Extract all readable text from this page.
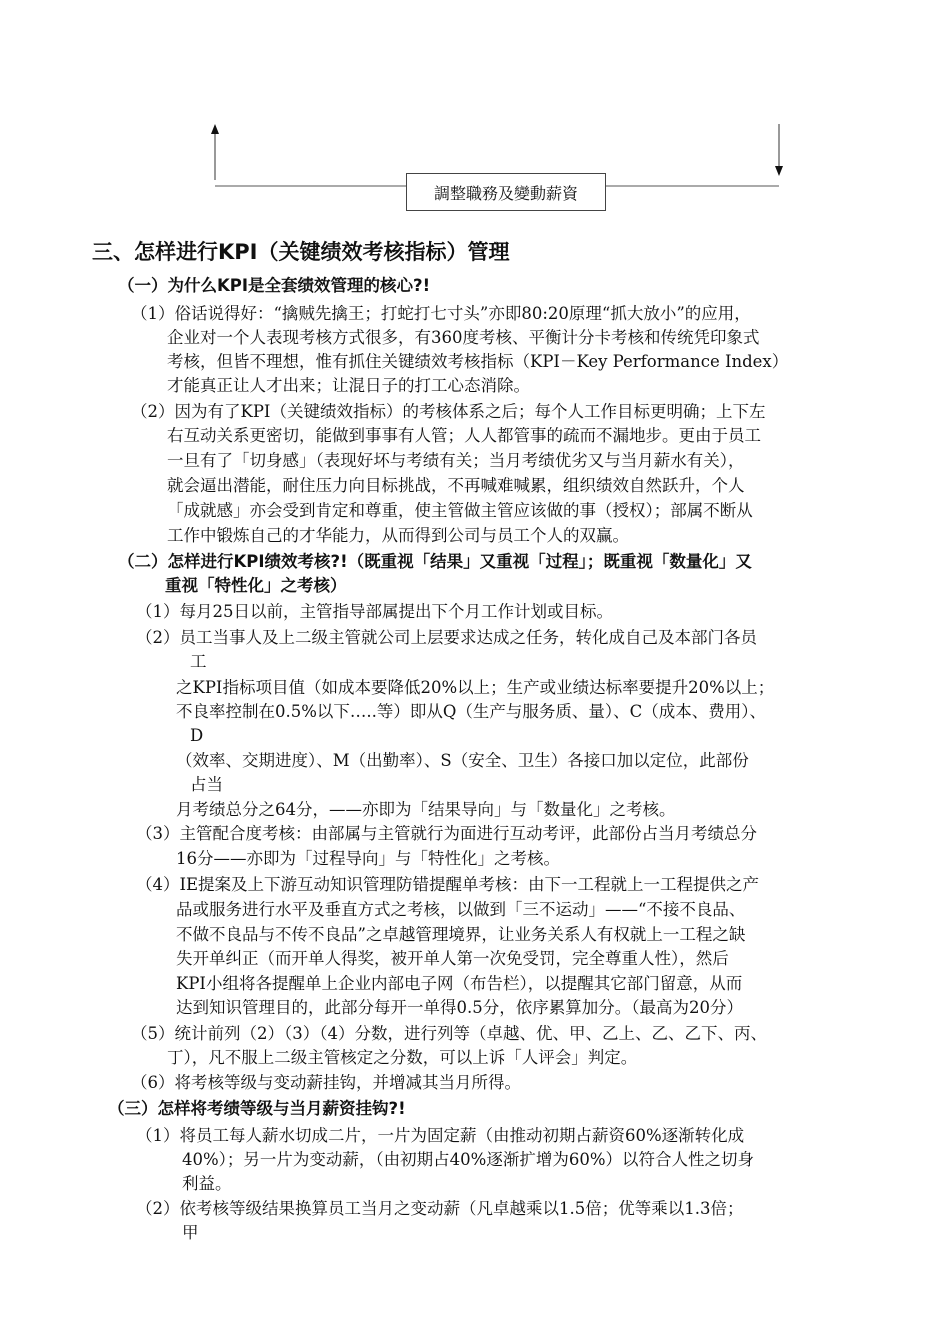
調整職務及變動薪資
三、怎样进行KPI（关键绩效考核指标）管理
（一）为什么KPI是全套绩效管理的核心?!
（1）俗话说得好：“擒贼先擒王；打蛇打七寸头”亦即80:20原理“抓大放小”的应用，
企业对一个人表现考核方式很多，有360度考核、平衡计分卡考核和传统凭印象式
考核，但皆不理想，惟有抓住关键绩效考核指标（KPI－Key Performance Index）
才能真正让人才出来；让混日子的打工心态消除。
（2）因为有了KPI（关键绩效指标）的考核体系之后；每个人工作目标更明确；上下左
右互动关系更密切，能做到事事有人管；人人都管事的疏而不漏地步。更由于员工
一旦有了「切身感」（表现好坏与考绩有关；当月考绩优劣又与当月薪水有关），
就会逼出潜能，耐住压力向目标挑战，不再喊难喊累，组织绩效自然跃升，个人
「成就感」亦会受到肯定和尊重，使主管做主管应该做的事（授权）；部属不断从
工作中锻炼自己的才华能力，从而得到公司与员工个人的双赢。
（二）怎样进行KPI绩效考核?!（既重视「结果」又重视「过程」；既重视「数量化」又
重视「特性化」之考核）
（1）每月25日以前，主管指导部属提出下个月工作计划或目标。
（2）员工当事人及上二级主管就公司上层要求达成之任务，转化成自己及本部门各员
工
之KPI指标项目值（如成本要降低20%以上；生产或业绩达标率要提升20%以上；
不良率控制在0.5%以下…..等）即从Q（生产与服务质、量）、C（成本、费用）、
D
（效率、交期进度）、M（出勤率）、S（安全、卫生）各接口加以定位，此部份
占当
月考绩总分之64分，——亦即为「结果导向」与「数量化」之考核。
（3）主管配合度考核：由部属与主管就行为面进行互动考评，此部份占当月考绩总分
16分——亦即为「过程导向」与「特性化」之考核。
（4）IE提案及上下游互动知识管理防错提醒单考核：由下一工程就上一工程提供之产
品或服务进行水平及垂直方式之考核，以做到「三不运动」——“不接不良品、
不做不良品与不传不良品”之卓越管理境界，让业务关系人有权就上一工程之缺
失开单纠正（而开单人得奖，被开单人第一次免受罚，完全尊重人性），然后
KPI小组将各提醒单上企业内部电子网（布告栏），以提醒其它部门留意，从而
达到知识管理目的，此部分每开一单得0.5分，依序累算加分。（最高为20分）
（5）统计前列（2）（3）（4）分数，进行列等（卓越、优、甲、乙上、乙、乙下、丙、
丁），凡不服上二级主管核定之分数，可以上诉「人评会」判定。
（6）将考核等级与变动薪挂钩，并增减其当月所得。
（三）怎样将考绩等级与当月薪资挂钩?!
（1）将员工每人薪水切成二片，一片为固定薪（由推动初期占薪资60%逐渐转化成
40%）；另一片为变动薪，（由初期占40%逐渐扩增为60%）以符合人性之切身
利益。
（2）依考核等级结果换算员工当月之变动薪（凡卓越乘以1.5倍；优等乘以1.3倍；
甲
